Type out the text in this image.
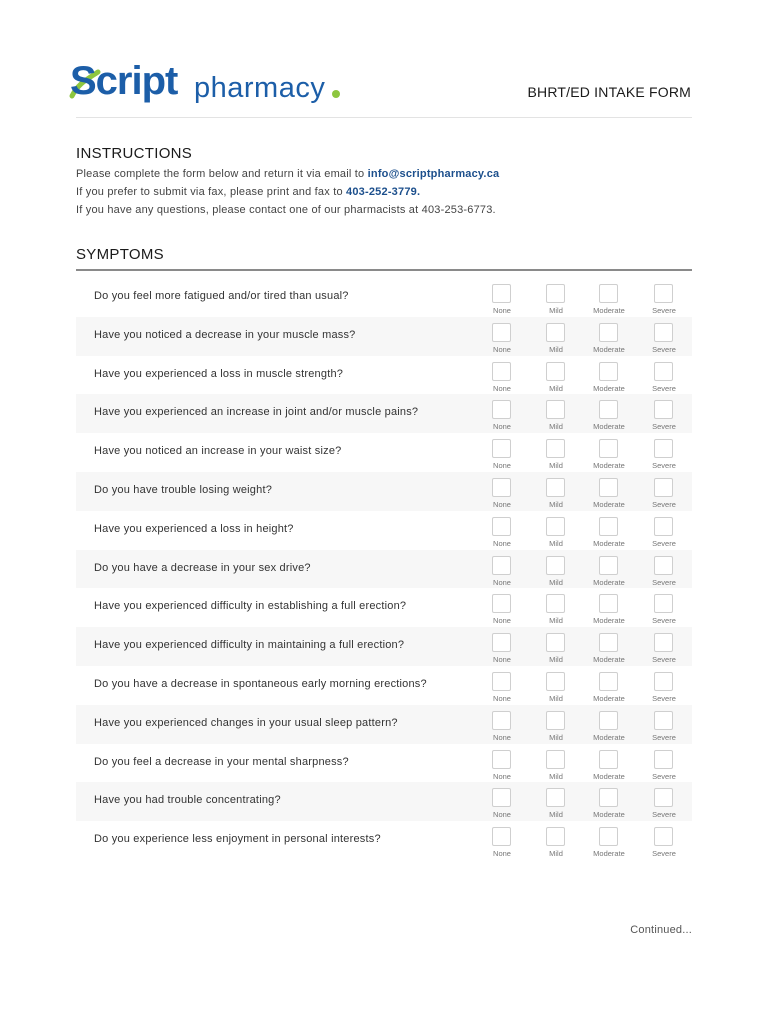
Script pharmacy	BHRT/ED INTAKE FORM
INSTRUCTIONS
Please complete the form below and return it via email to info@scriptpharmacy.ca
If you prefer to submit via fax, please print and fax to 403-252-3779.
If you have any questions, please contact one of our pharmacists at 403-253-6773.
SYMPTOMS
Do you feel more fatigued and/or tired than usual?
None	Mild	Moderate	Severe
Have you noticed a decrease in your muscle mass?
None	Mild	Moderate	Severe
Have you experienced a loss in muscle strength?
None	Mild	Moderate	Severe
Have you experienced an increase in joint and/or muscle pains?
None	Mild	Moderate	Severe
Have you noticed an increase in your waist size?
None	Mild	Moderate	Severe
Do you have trouble losing weight?
None	Mild	Moderate	Severe
Have you experienced a loss in height?
None	Mild	Moderate	Severe
Do you have a decrease in your sex drive?
None	Mild	Moderate	Severe
Have you experienced difficulty in establishing a full erection?
None	Mild	Moderate	Severe
Have you experienced difficulty in maintaining a full erection?
None	Mild	Moderate	Severe
Do you have a decrease in spontaneous early morning erections?
None	Mild	Moderate	Severe
Have you experienced changes in your usual sleep pattern?
None	Mild	Moderate	Severe
Do you feel a decrease in your mental sharpness?
None	Mild	Moderate	Severe
Have you had trouble concentrating?
None	Mild	Moderate	Severe
Do you experience less enjoyment in personal interests?
None	Mild	Moderate	Severe
Continued...
